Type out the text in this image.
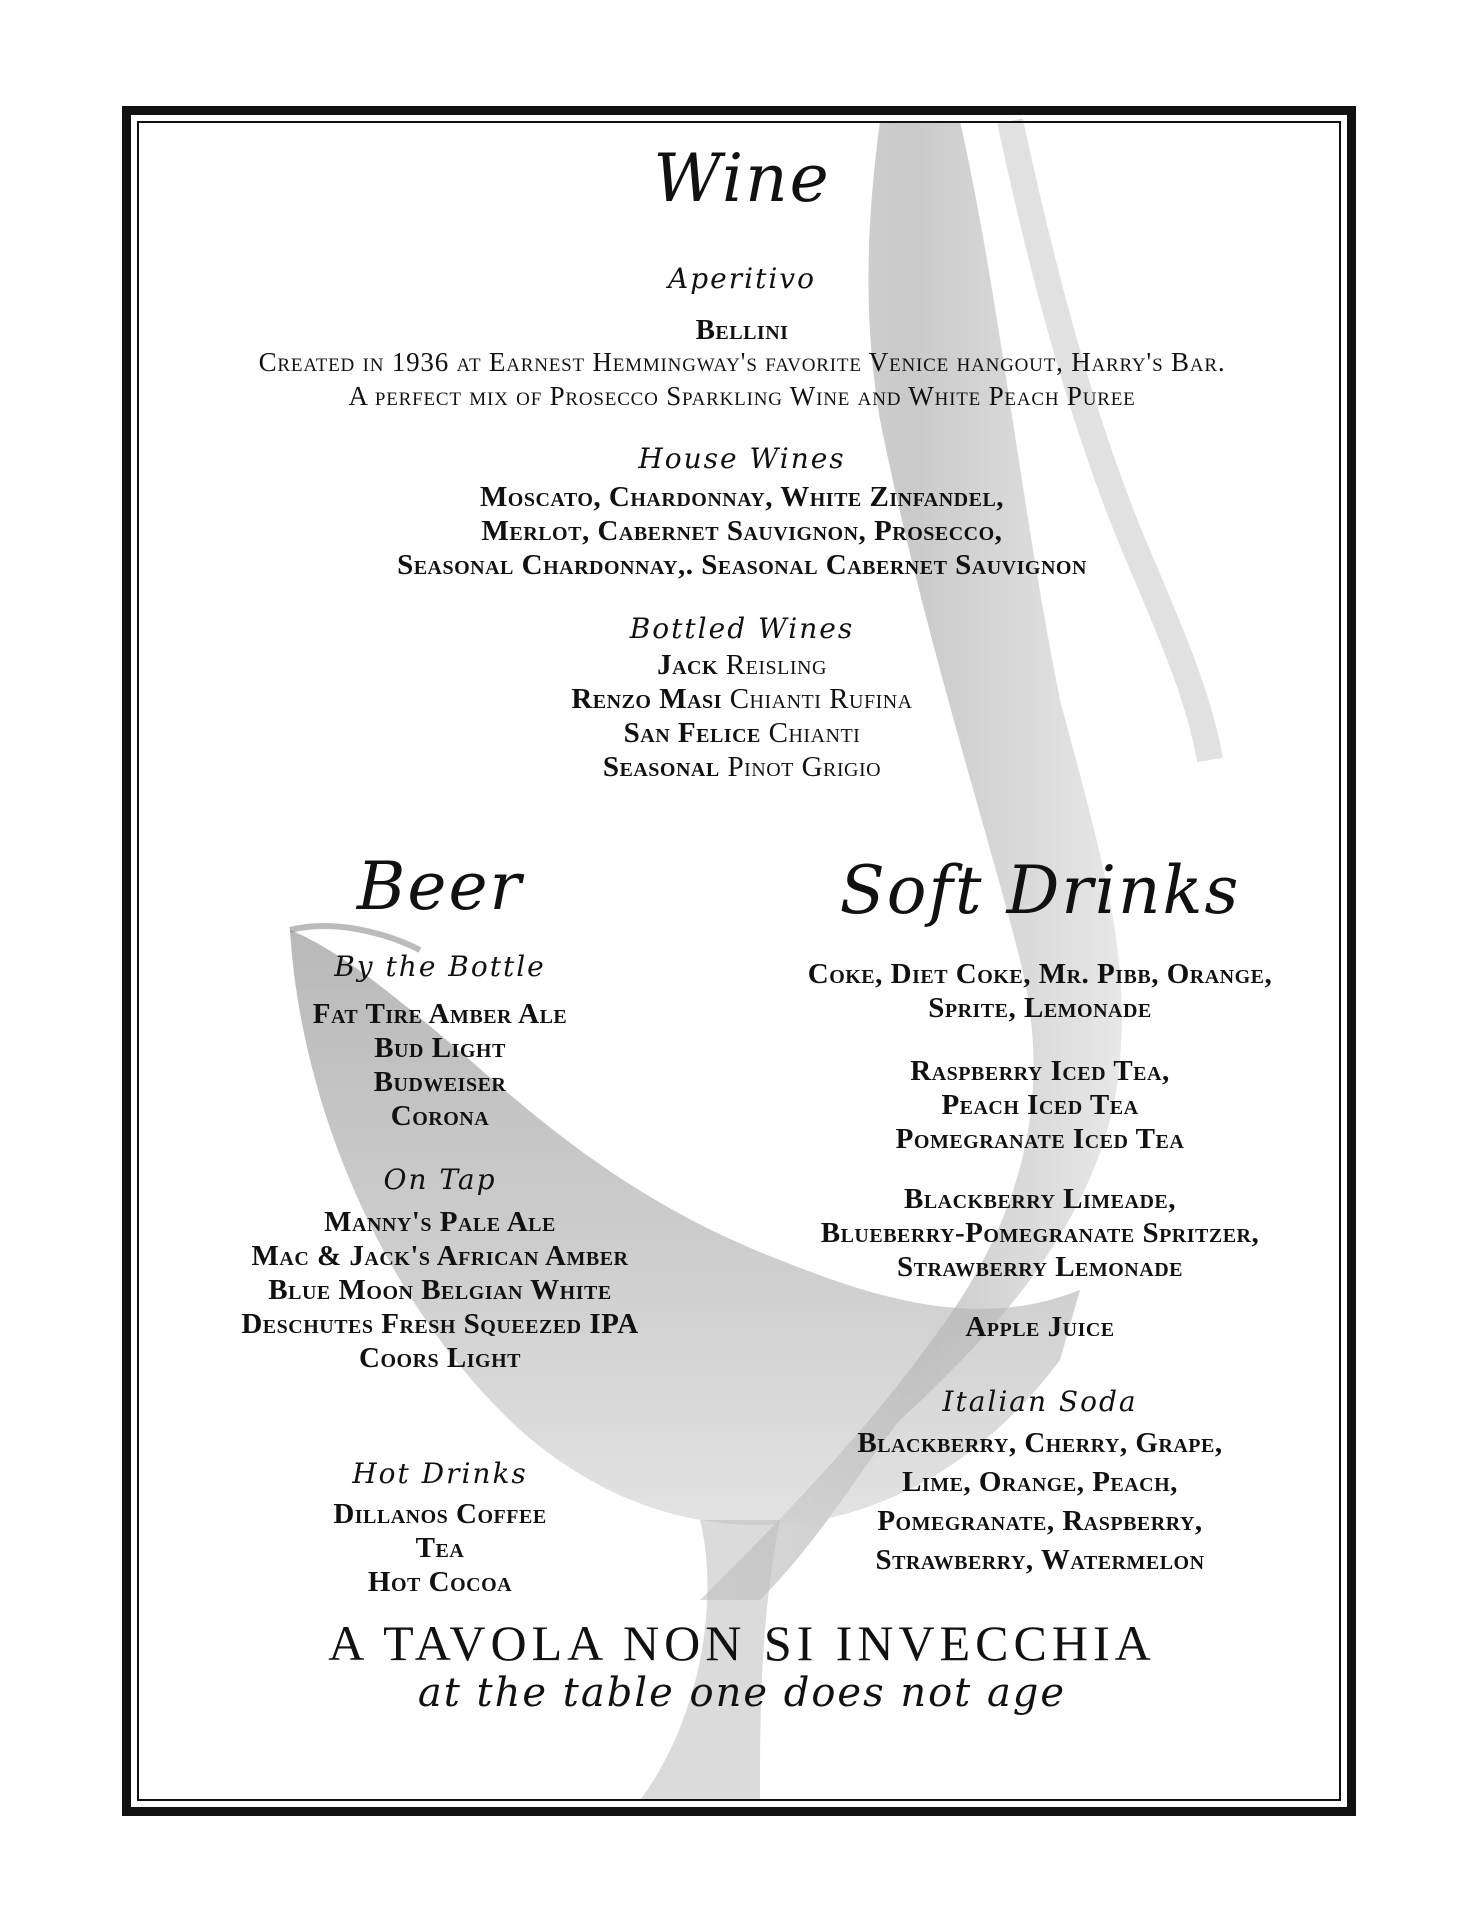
Wine
Aperitivo
Bellini
Created in 1936 at Earnest Hemmingway's favorite Venice hangout, Harry's Bar.
A perfect mix of Prosecco Sparkling Wine and White Peach Puree
House Wines
Moscato, Chardonnay, White Zinfandel,
Merlot, Cabernet Sauvignon, Prosecco,
Seasonal Chardonnay,. Seasonal Cabernet Sauvignon
Bottled Wines
Jack Reisling
Renzo Masi Chianti Rufina
San Felice Chianti
Seasonal Pinot Grigio
Beer
By the Bottle
Fat Tire Amber Ale
Bud Light
Budweiser
Corona
On Tap
Manny's Pale Ale
Mac & Jack's African Amber
Blue Moon Belgian White
Deschutes Fresh Squeezed IPA
Coors Light
Hot Drinks
Dillanos Coffee
Tea
Hot Cocoa
Soft Drinks
Coke, Diet Coke, Mr. Pibb, Orange,
Sprite, Lemonade
Raspberry Iced Tea,
Peach Iced Tea
Pomegranate Iced Tea
Blackberry Limeade,
Blueberry-Pomegranate Spritzer,
Strawberry Lemonade
Apple Juice
Italian Soda
Blackberry, Cherry, Grape,
Lime, Orange, Peach,
Pomegranate, Raspberry,
Strawberry, Watermelon
A TAVOLA NON SI INVECCHIA
at the table one does not age
